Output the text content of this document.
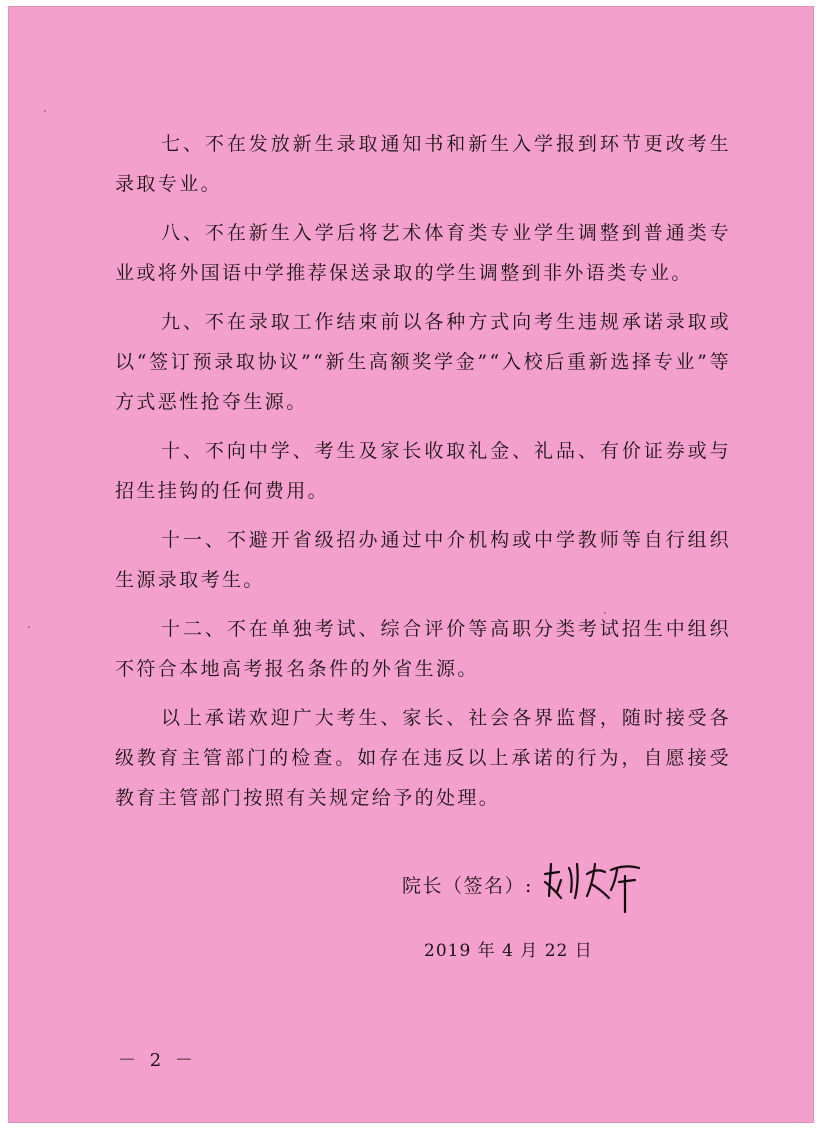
七、不在发放新生录取通知书和新生入学报到环节更改考生录取专业。

八、不在新生入学后将艺术体育类专业学生调整到普通类专业或将外国语中学推荐保送录取的学生调整到非外语类专业。

九、不在录取工作结束前以各种方式向考生违规承诺录取或以“签订预录取协议”“新生高额奖学金”“入校后重新选择专业”等方式恶性抢夺生源。

十、不向中学、考生及家长收取礼金、礼品、有价证券或与招生挂钩的任何费用。

十一、不避开省级招办通过中介机构或中学教师等自行组织生源录取考生。

十二、不在单独考试、综合评价等高职分类考试招生中组织不符合本地高考报名条件的外省生源。

以上承诺欢迎广大考生、家长、社会各界监督，随时接受各级教育主管部门的检查。如存在违反以上承诺的行为，自愿接受教育主管部门按照有关规定给予的处理。

院长（签名）:
2019 年 4 月 22 日
－ 2 －
